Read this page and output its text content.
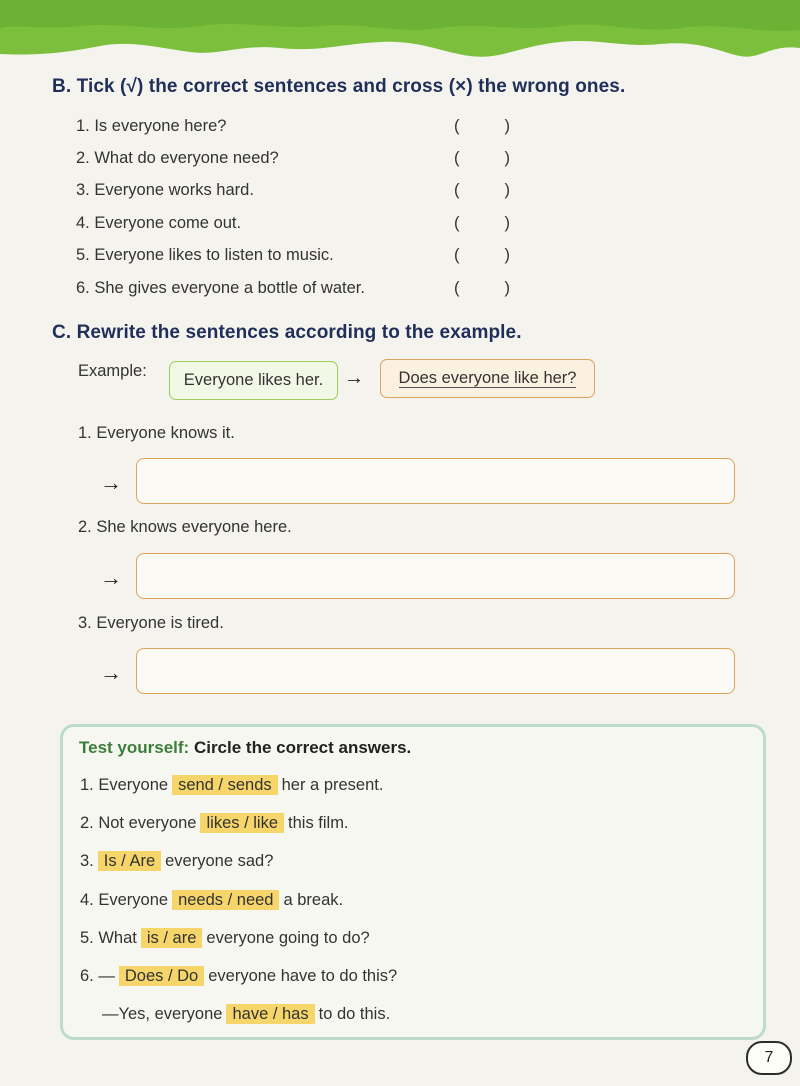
B. Tick (√) the correct sentences and cross (×) the wrong ones.
1. Is everyone here?	(	)
2. What do everyone need?	(	)
3. Everyone works hard.	(	)
4. Everyone come out.	(	)
5. Everyone likes to listen to music.	(	)
6. She gives everyone a bottle of water.	(	)
C. Rewrite the sentences according to the example.
Example: Everyone likes her. → Does everyone like her?
1. Everyone knows it.
→
2. She knows everyone here.
→
3. Everyone is tired.
→
Test yourself: Circle the correct answers.
1. Everyone send / sends her a present.
2. Not everyone likes / like this film.
3. Is / Are everyone sad?
4. Everyone needs / need a break.
5. What is / are everyone going to do?
6. — Does / Do everyone have to do this?
—Yes, everyone have / has to do this.
7
